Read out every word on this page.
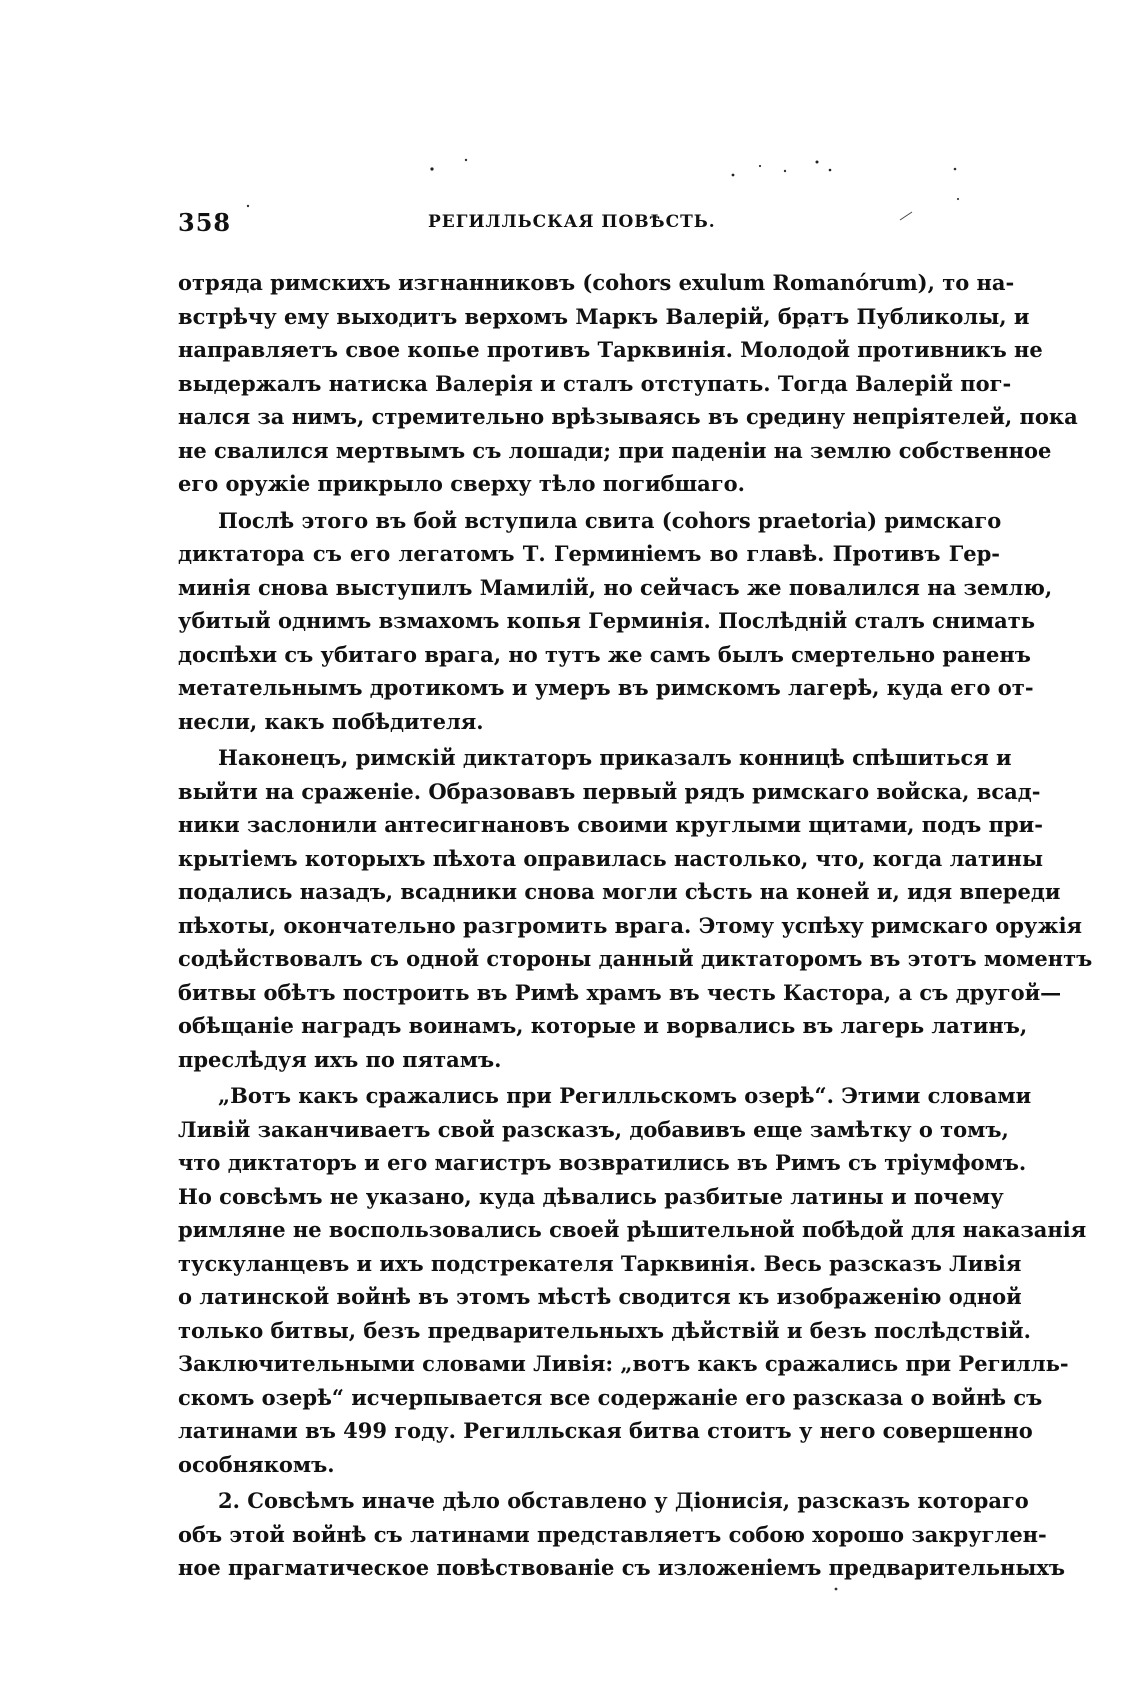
358	РЕГИЛЛЬСКАЯ ПОВѢСТЬ.
отряда римскихъ изгнанниковъ (cohors exulum Romanórum), то на-
встрѣчу ему выходитъ верхомъ Маркъ Валерій, братъ Публиколы, и
направляетъ свое копье противъ Тарквинія. Молодой противникъ не
выдержалъ натиска Валерія и сталъ отступать. Тогда Валерій пог-
нался за нимъ, стремительно врѣзываясь въ средину непріятелей, пока
не свалился мертвымъ съ лошади; при паденіи на землю собственное
его оружіе прикрыло сверху тѣло погибшаго.
Послѣ этого въ бой вступила свита (cohors praetoria) римскаго
диктатора съ его легатомъ Т. Герминіемъ во главѣ. Противъ Гер-
минія снова выступилъ Мамилій, но сейчасъ же повалился на землю,
убитый однимъ взмахомъ копья Герминія. Послѣдній сталъ снимать
доспѣхи съ убитаго врага, но тутъ же самъ былъ смертельно раненъ
метательнымъ дротикомъ и умеръ въ римскомъ лагерѣ, куда его от-
несли, какъ побѣдителя.
Наконецъ, римскій диктаторъ приказалъ конницѣ спѣшиться и
выйти на сраженіе. Образовавъ первый рядъ римскаго войска, всад-
ники заслонили антесигнановъ своими круглыми щитами, подъ при-
крытіемъ которыхъ пѣхота оправилась настолько, что, когда латины
подались назадъ, всадники снова могли сѣсть на коней и, идя впереди
пѣхоты, окончательно разгромить врага. Этому успѣху римскаго оружія
содѣйствовалъ съ одной стороны данный диктаторомъ въ этотъ моментъ
битвы обѣтъ построить въ Римѣ храмъ въ честь Кастора, а съ другой—
обѣщаніе наградъ воинамъ, которые и ворвались въ лагерь латинъ,
преслѣдуя ихъ по пятамъ.
„Вотъ какъ сражались при Регилльскомъ озерѣ“. Этими словами
Ливій заканчиваетъ свой разсказъ, добавивъ еще замѣтку о томъ,
что диктаторъ и его магистръ возвратились въ Римъ съ тріумфомъ.
Но совсѣмъ не указано, куда дѣвались разбитые латины и почему
римляне не воспользовались своей рѣшительной побѣдой для наказанія
тускуланцевъ и ихъ подстрекателя Тарквинія. Весь разсказъ Ливія
о латинской войнѣ въ этомъ мѣстѣ сводится къ изображенію одной
только битвы, безъ предварительныхъ дѣйствій и безъ послѣдствій.
Заключительными словами Ливія: „вотъ какъ сражались при Регилль-
скомъ озерѣ“ исчерпывается все содержаніе его разсказа о войнѣ съ
латинами въ 499 году. Регилльская битва стоитъ у него совершенно
особнякомъ.
2. Совсѣмъ иначе дѣло обставлено у Діонисія, разсказъ котораго
объ этой войнѣ съ латинами представляетъ собою хорошо закруглен-
ное прагматическое повѣствованіе съ изложеніемъ предварительныхъ
